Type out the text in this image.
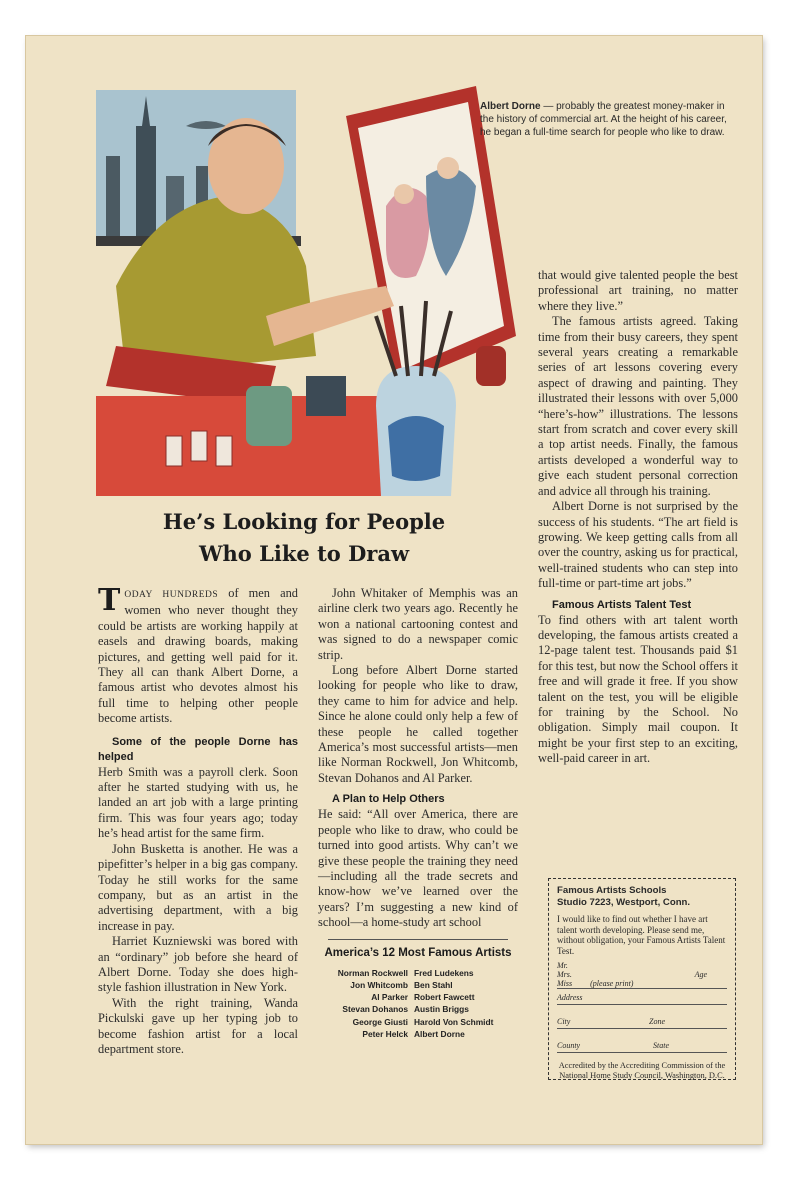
Albert Dorne — probably the greatest money-maker in the history of commercial art. At the height of his career, he began a full-time search for people who like to draw.
He’s Looking for People
Who Like to Draw

TODAY HUNDREDS of men and women who never thought they could be artists are working happily at easels and drawing boards, making pictures, and getting well paid for it. They all can thank Albert Dorne, a famous artist who devotes almost his full time to helping other people become artists.

Some of the people Dorne has helped

Herb Smith was a payroll clerk. Soon after he started studying with us, he landed an art job with a large printing firm. This was four years ago; today he’s head artist for the same firm.

John Busketta is another. He was a pipefitter’s helper in a big gas company. Today he still works for the same company, but as an artist in the advertising department, with a big increase in pay.

Harriet Kuzniewski was bored with an “ordinary” job before she heard of Albert Dorne. Today she does high-style fashion illustration in New York.

With the right training, Wanda Pickulski gave up her typing job to become fashion artist for a local department store.

John Whitaker of Memphis was an airline clerk two years ago. Recently he won a national cartooning contest and was signed to do a newspaper comic strip.

Long before Albert Dorne started looking for people who like to draw, they came to him for advice and help. Since he alone could only help a few of these people he called together America’s most successful artists—men like Norman Rockwell, Jon Whitcomb, Stevan Dohanos and Al Parker.

A Plan to Help Others

He said: “All over America, there are people who like to draw, who could be turned into good artists. Why can’t we give these people the training they need—including all the trade secrets and know-how we’ve learned over the years? I’m suggesting a new kind of school—a home-study art school

America’s 12 Most Famous Artists
Norman Rockwell
Jon Whitcomb
Al Parker
Stevan Dohanos
George Giusti
Peter Helck
Fred Ludekens
Ben Stahl
Robert Fawcett
Austin Briggs
Harold Von Schmidt
Albert Dorne

that would give talented people the best professional art training, no matter where they live.”

The famous artists agreed. Taking time from their busy careers, they spent several years creating a remarkable series of art lessons covering every aspect of drawing and painting. They illustrated their lessons with over 5,000 “here’s-how” illustrations. The lessons start from scratch and cover every skill a top artist needs. Finally, the famous artists developed a wonderful way to give each student personal correction and advice all through his training.

Albert Dorne is not surprised by the success of his students. “The art field is growing. We keep getting calls from all over the country, asking us for practical, well-trained students who can step into full-time or part-time art jobs.”

Famous Artists Talent Test

To find others with art talent worth developing, the famous artists created a 12-page talent test. Thousands paid $1 for this test, but now the School offers it free and will grade it free. If you show talent on the test, you will be eligible for training by the School. No obligation. Simply mail coupon. It might be your first step to an exciting, well-paid career in art.

Famous Artists Schools
Studio 7223, Westport, Conn.
I would like to find out whether I have art talent worth developing. Please send me, without obligation, your Famous Artists Talent Test.
Mr.
Mrs.
Miss (please print)
Age
Address
City	Zone
County	State
Accredited by the Accrediting Commission of the National Home Study Council, Washington, D.C.
